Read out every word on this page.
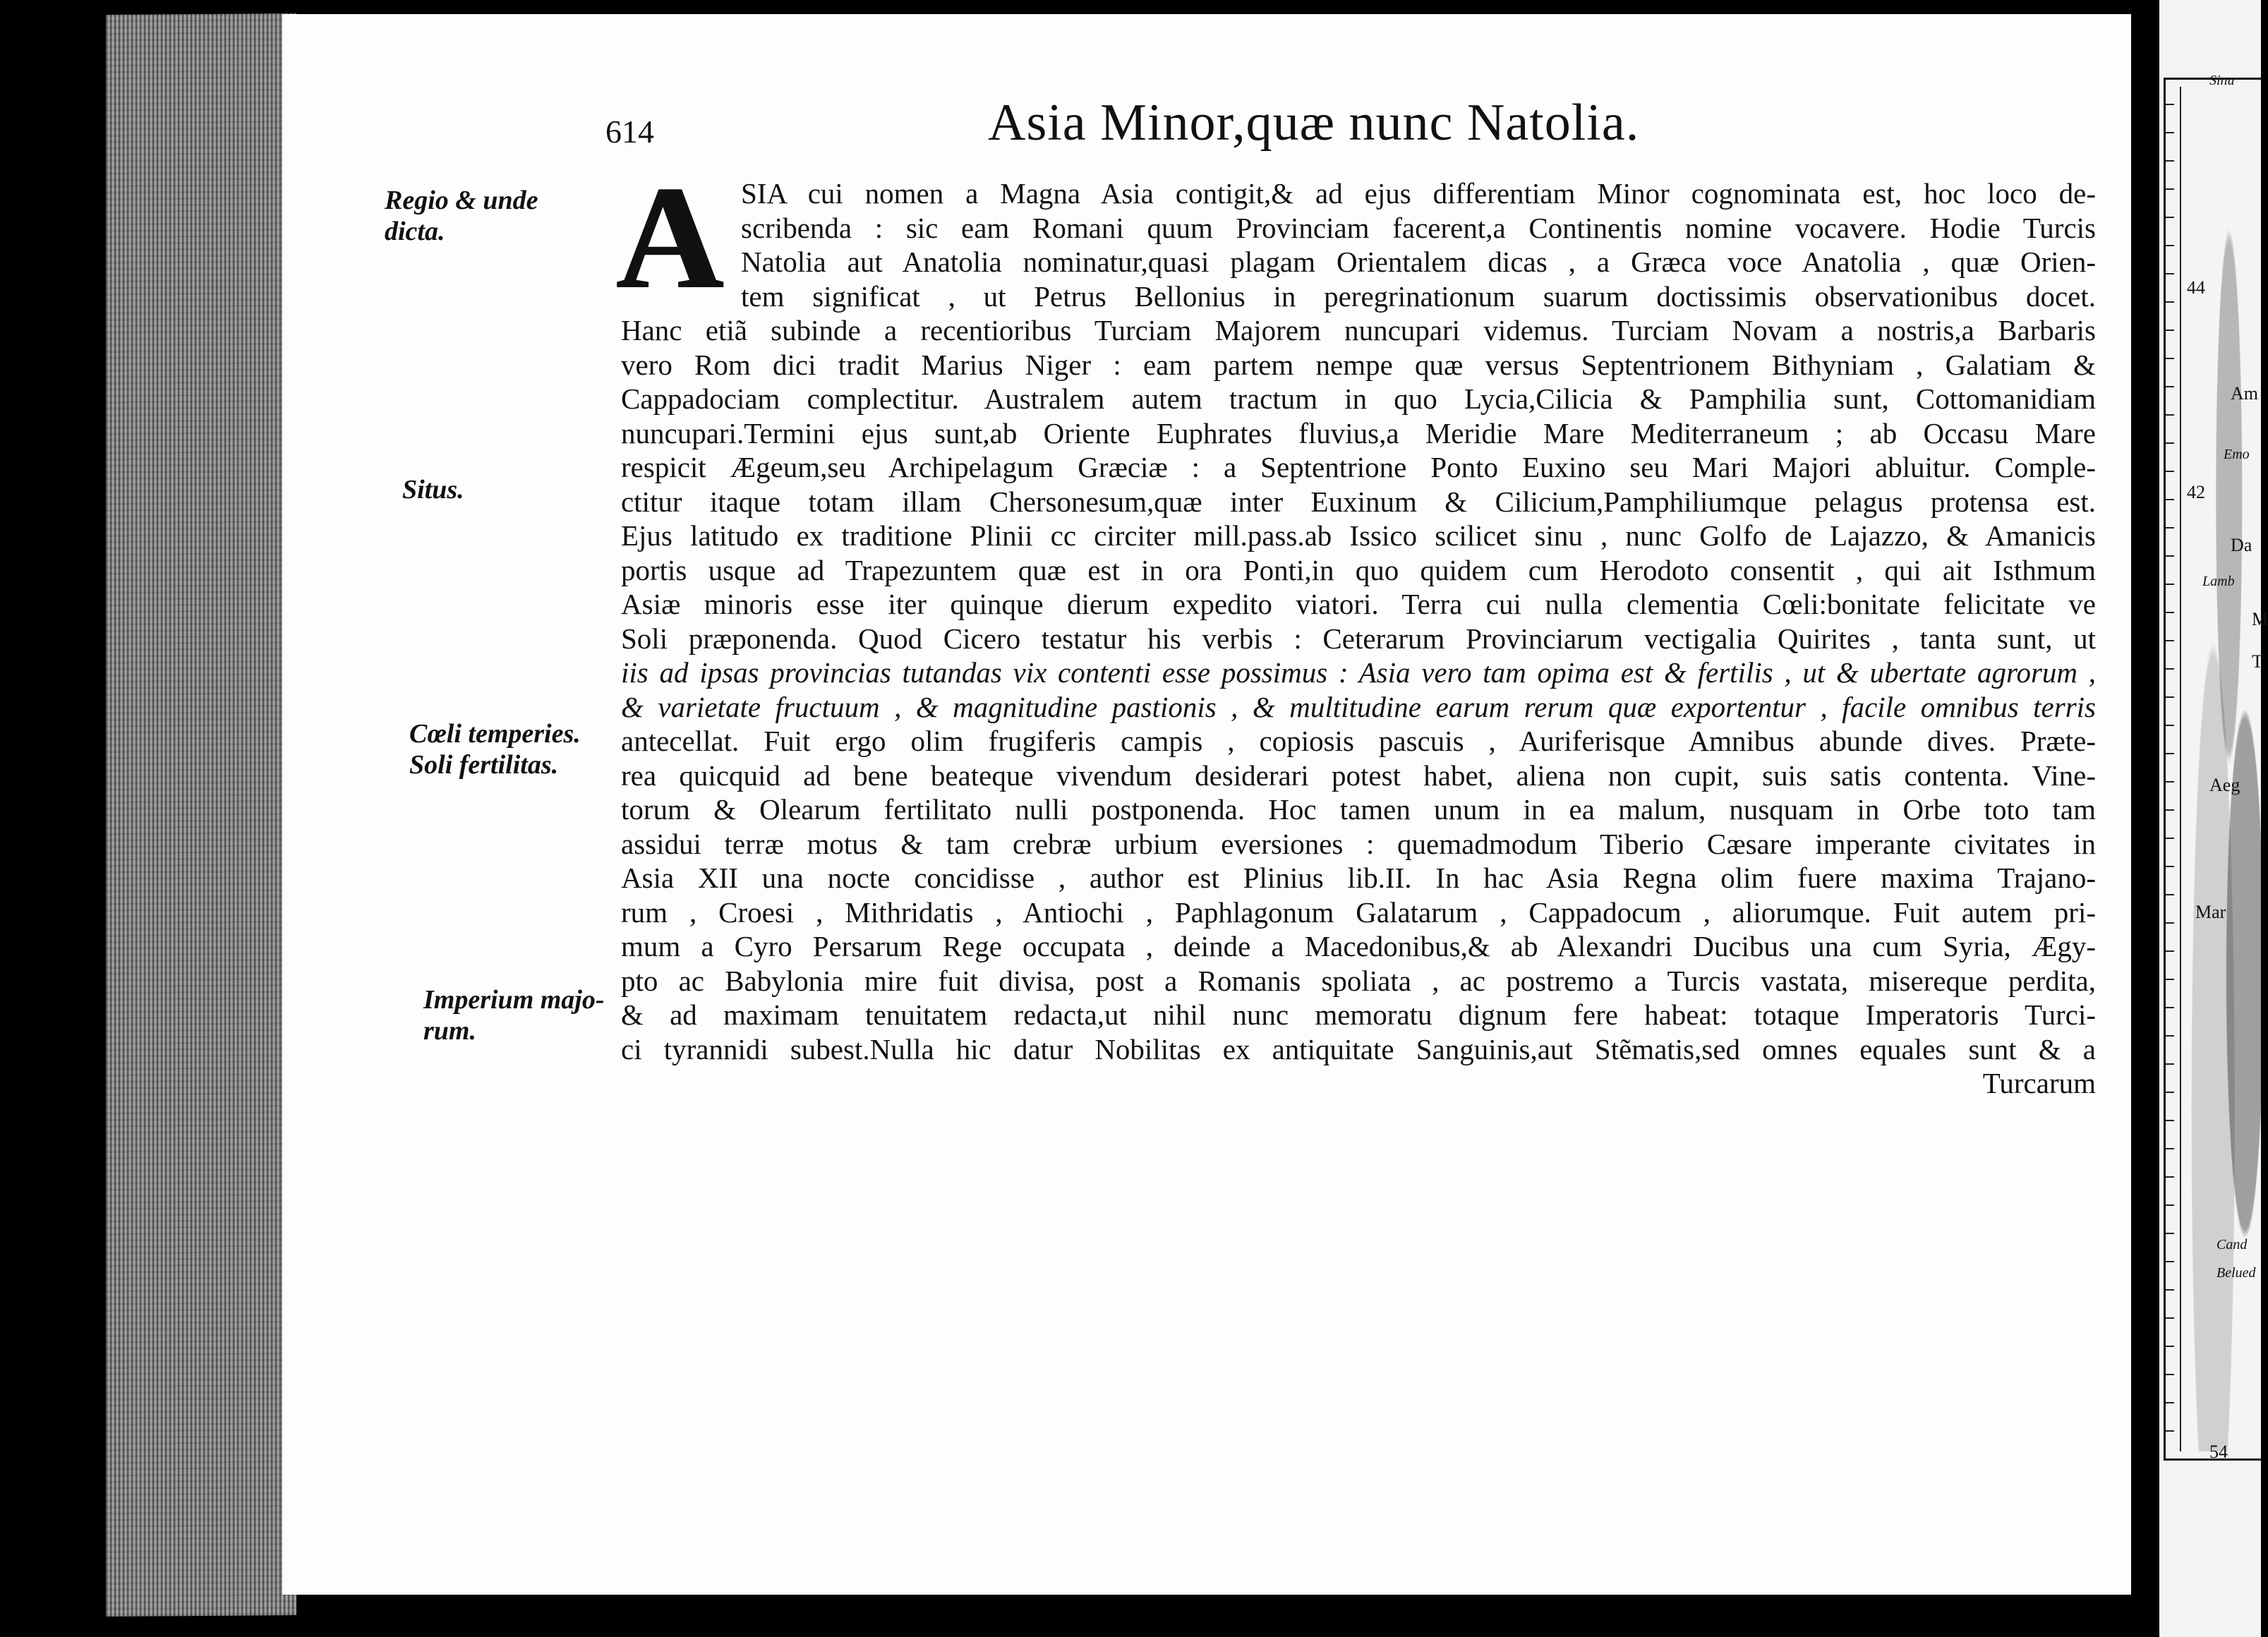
Sinu
44
Am
Emo
42
Da
Lamb
M
T
Aeg
Mar
Cand
Belued
54
614	Asia Minor,quæ nunc Natolia.
Regio & unde
dicta.
Situs.
Cœli temperies.
Soli fertilitas.
Imperium majo-
rum.
A SIA cui nomen a Magna Asia contigit,& ad ejus differentiam Minor cognominata est, hoc loco de-
scribenda : sic eam Romani quum Provinciam facerent,a Continentis nomine vocavere. Hodie Turcis
Natolia aut Anatolia nominatur,quasi plagam Orientalem dicas , a Græca voce Anatolia , quæ Orien-
tem significat , ut Petrus Bellonius in peregrinationum suarum doctissimis observationibus docet.
Hanc etiã subinde a recentioribus Turciam Majorem nuncupari videmus. Turciam Novam a nostris,a Barbaris
vero Rom dici tradit Marius Niger : eam partem nempe quæ versus Septentrionem Bithyniam , Galatiam &
Cappadociam complectitur. Australem autem tractum in quo Lycia,Cilicia & Pamphilia sunt, Cottomanidiam
nuncupari.Termini ejus sunt,ab Oriente Euphrates fluvius,a Meridie Mare Mediterraneum ; ab Occasu Mare
respicit Ægeum,seu Archipelagum Græciæ : a Septentrione Ponto Euxino seu Mari Majori abluitur. Comple-
ctitur itaque totam illam Chersonesum,quæ inter Euxinum & Cilicium,Pamphiliumque pelagus protensa est.
Ejus latitudo ex traditione Plinii cc circiter mill.pass.ab Issico scilicet sinu , nunc Golfo de Lajazzo, & Amanicis
portis usque ad Trapezuntem quæ est in ora Ponti,in quo quidem cum Herodoto consentit , qui ait Isthmum
Asiæ minoris esse iter quinque dierum expedito viatori. Terra cui nulla clementia Cœli:bonitate felicitate ve
Soli præponenda. Quod Cicero testatur his verbis : Ceterarum Provinciarum vectigalia Quirites , tanta sunt, ut
iis ad ipsas provincias tutandas vix contenti esse possimus : Asia vero tam opima est & fertilis , ut & ubertate agrorum ,
& varietate fructuum , & magnitudine pastionis , & multitudine earum rerum quæ exportentur , facile omnibus terris
antecellat. Fuit ergo olim frugiferis campis , copiosis pascuis , Auriferisque Amnibus abunde dives. Præte-
rea quicquid ad bene beateque vivendum desiderari potest habet, aliena non cupit, suis satis contenta. Vine-
torum & Olearum fertilitato nulli postponenda. Hoc tamen unum in ea malum, nusquam in Orbe toto tam
assidui terræ motus & tam crebræ urbium eversiones : quemadmodum Tiberio Cæsare imperante civitates in
Asia XII una nocte concidisse , author est Plinius lib.II. In hac Asia Regna olim fuere maxima Trajano-
rum , Croesi , Mithridatis , Antiochi , Paphlagonum Galatarum , Cappadocum , aliorumque. Fuit autem pri-
mum a Cyro Persarum Rege occupata , deinde a Macedonibus,& ab Alexandri Ducibus una cum Syria, Ægy-
pto ac Babylonia mire fuit divisa, post a Romanis spoliata , ac postremo a Turcis vastata, misereque perdita,
& ad maximam tenuitatem redacta,ut nihil nunc memoratu dignum fere habeat: totaque Imperatoris Turci-
ci tyrannidi subest.Nulla hic datur Nobilitas ex antiquitate Sanguinis,aut Stẽmatis,sed omnes equales sunt & a
Turcarum
